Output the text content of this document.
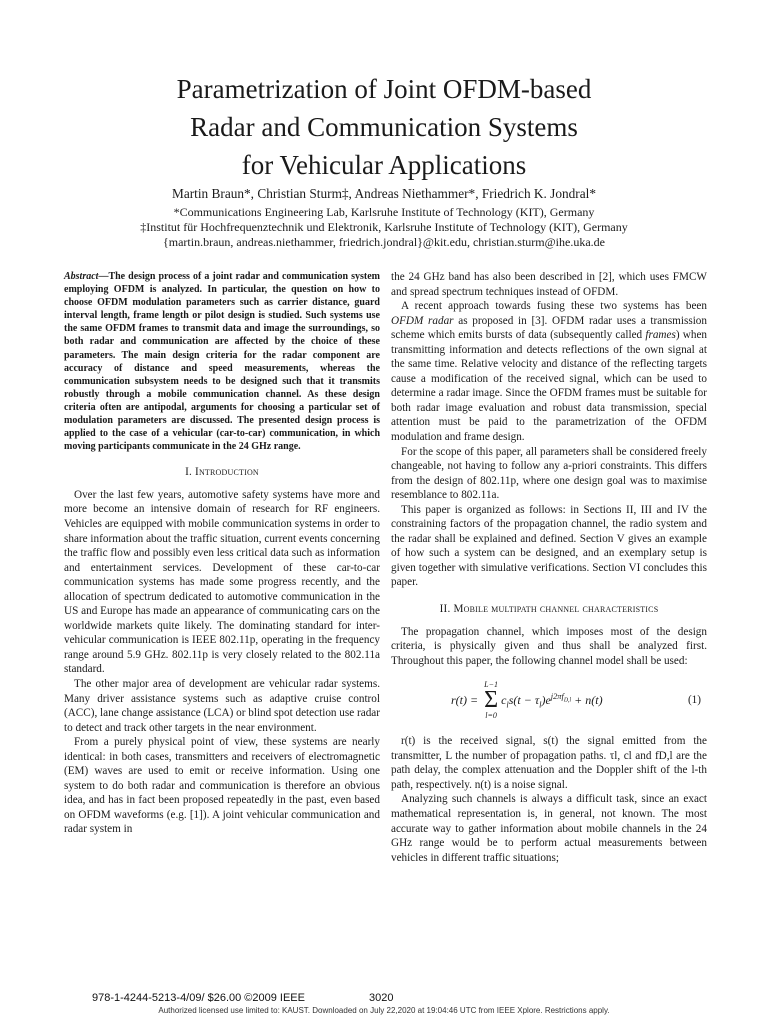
Parametrization of Joint OFDM-based
Radar and Communication Systems
for Vehicular Applications
Martin Braun*, Christian Sturm‡, Andreas Niethammer*, Friedrich K. Jondral*
*Communications Engineering Lab, Karlsruhe Institute of Technology (KIT), Germany
‡Institut für Hochfrequenztechnik und Elektronik, Karlsruhe Institute of Technology (KIT), Germany
{martin.braun, andreas.niethammer, friedrich.jondral}@kit.edu, christian.sturm@ihe.uka.de

Abstract—The design process of a joint radar and communication system employing OFDM is analyzed. In particular, the question on how to choose OFDM modulation parameters such as carrier distance, guard interval length, frame length or pilot design is studied. Such systems use the same OFDM frames to transmit data and image the surroundings, so both radar and communication are affected by the choice of these parameters. The main design criteria for the radar component are accuracy of distance and speed measurements, whereas the communication subsystem needs to be designed such that it transmits robustly through a mobile communication channel. As these design criteria often are antipodal, arguments for choosing a particular set of modulation parameters are discussed. The presented design process is applied to the case of a vehicular (car-to-car) communication, in which moving participants communicate in the 24 GHz range.

I. Introduction

Over the last few years, automotive safety systems have more and more become an intensive domain of research for RF engineers. Vehicles are equipped with mobile communication systems in order to share information about the traffic situation, current events concerning the traffic flow and possibly even less critical data such as information and entertainment services. Development of these car-to-car communication systems has made some progress recently, and the allocation of spectrum dedicated to automotive communication in the US and Europe has made an appearance of communicating cars on the worldwide markets quite likely. The dominating standard for inter-vehicular communication is IEEE 802.11p, operating in the frequency range around 5.9 GHz. 802.11p is very closely related to the 802.11a standard.

The other major area of development are vehicular radar systems. Many driver assistance systems such as adaptive cruise control (ACC), lane change assistance (LCA) or blind spot detection use radar to detect and track other targets in the near environment.

From a purely physical point of view, these systems are nearly identical: in both cases, transmitters and receivers of electromagnetic (EM) waves are used to emit or receive information. Using one system to do both radar and communication is therefore an obvious idea, and has in fact been proposed repeatedly in the past, even based on OFDM waveforms (e.g. [1]). A joint vehicular communication and radar system in

the 24 GHz band has also been described in [2], which uses FMCW and spread spectrum techniques instead of OFDM.

A recent approach towards fusing these two systems has been OFDM radar as proposed in [3]. OFDM radar uses a transmission scheme which emits bursts of data (subsequently called frames) when transmitting information and detects reflections of the own signal at the same time. Relative velocity and distance of the reflecting targets cause a modification of the received signal, which can be used to determine a radar image. Since the OFDM frames must be suitable for both radar image evaluation and robust data transmission, special attention must be paid to the parametrization of the OFDM modulation and frame design.

For the scope of this paper, all parameters shall be considered freely changeable, not having to follow any a-priori constraints. This differs from the design of 802.11p, where one design goal was to maximise resemblance to 802.11a.

This paper is organized as follows: in Sections II, III and IV the constraining factors of the propagation channel, the radio system and the radar shall be explained and defined. Section V gives an example of how such a system can be designed, and an exemplary setup is given together with simulative verifications. Section VI concludes this paper.

II. Mobile multipath channel characteristics

The propagation channel, which imposes most of the design criteria, is physically given and thus shall be analyzed first. Throughout this paper, the following channel model shall be used:

r(t) =
L−1
Σ
l=0
$c_ls(t - \tau_l)e^{j2\pi f_{D,l}} + n(t)$	(1)

r(t) is the received signal, s(t) the signal emitted from the transmitter, L the number of propagation paths. τl, cl and fD,l are the path delay, the complex attenuation and the Doppler shift of the l-th path, respectively. n(t) is a noise signal.

Analyzing such channels is always a difficult task, since an exact mathematical representation is, in general, not known. The most accurate way to gather information about mobile channels in the 24 GHz range would be to perform actual measurements between vehicles in different traffic situations;

978-1-4244-5213-4/09/ $26.00 ©2009 IEEE	3020
Authorized licensed use limited to: KAUST. Downloaded on July 22,2020 at 19:04:46 UTC from IEEE Xplore. Restrictions apply.
